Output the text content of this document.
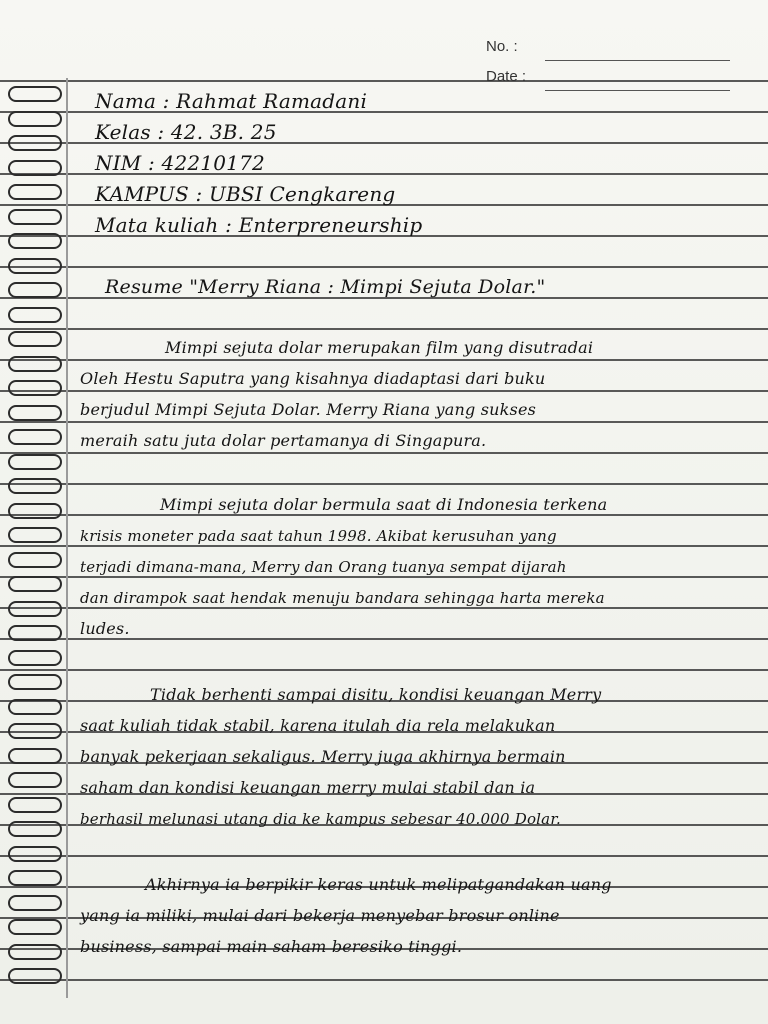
No. :
Date :
Nama : Rahmat Ramadani
Kelas : 42. 3B. 25
NIM : 42210172
KAMPUS : UBSI Cengkareng
Mata kuliah : Enterpreneurship
Resume "Merry Riana : Mimpi Sejuta Dolar."
Mimpi sejuta dolar merupakan film yang disutradai
Oleh Hestu Saputra yang kisahnya diadaptasi dari buku
berjudul Mimpi Sejuta Dolar. Merry Riana yang sukses
meraih satu juta dolar pertamanya di Singapura.
Mimpi sejuta dolar bermula saat di Indonesia terkena
krisis moneter pada saat tahun 1998. Akibat kerusuhan yang
terjadi dimana-mana, Merry dan Orang tuanya sempat dijarah
dan dirampok saat hendak menuju bandara sehingga harta mereka
ludes.
Tidak berhenti sampai disitu, kondisi keuangan Merry
saat kuliah tidak stabil, karena itulah dia rela melakukan
banyak pekerjaan sekaligus. Merry juga akhirnya bermain
saham dan kondisi keuangan merry mulai stabil dan ia
berhasil melunasi utang dia ke kampus sebesar 40.000 Dolar.
Akhirnya ia berpikir keras untuk melipatgandakan uang
yang ia miliki, mulai dari bekerja menyebar brosur online
business, sampai main saham beresiko tinggi.
